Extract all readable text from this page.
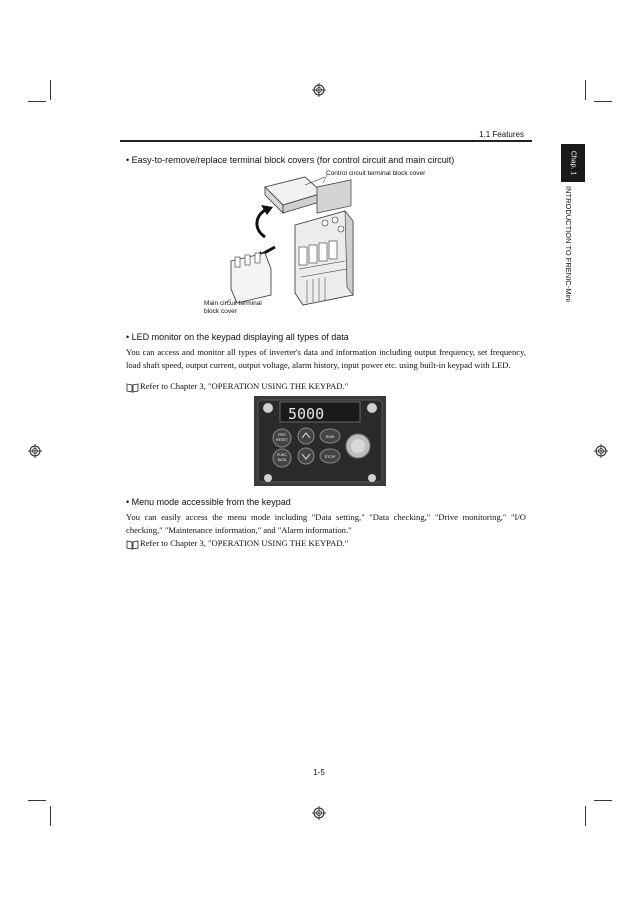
1.1 Features
Chap. 1
INTRODUCTION TO FRENIC-Mini
• Easy-to-remove/replace terminal block covers (for control circuit and main circuit)
Control circuit terminal block cover
Main circuit terminal
block cover
• LED monitor on the keypad displaying all types of data
You can access and monitor all types of inverter's data and information including output frequency, set frequency, load shaft speed, output current, output voltage, alarm history, input power etc. using built-in keypad with LED.
Refer to Chapter 3, "OPERATION USING THE KEYPAD."
5000
PRG
RESET
FUNC
DATA
RUN
STOP
• Menu mode accessible from the keypad
You can easily access the menu mode including "Data setting," "Data checking," "Drive monitoring," "I/O checking," "Maintenance information," and "Alarm information."
Refer to Chapter 3, "OPERATION USING THE KEYPAD."
1-5
